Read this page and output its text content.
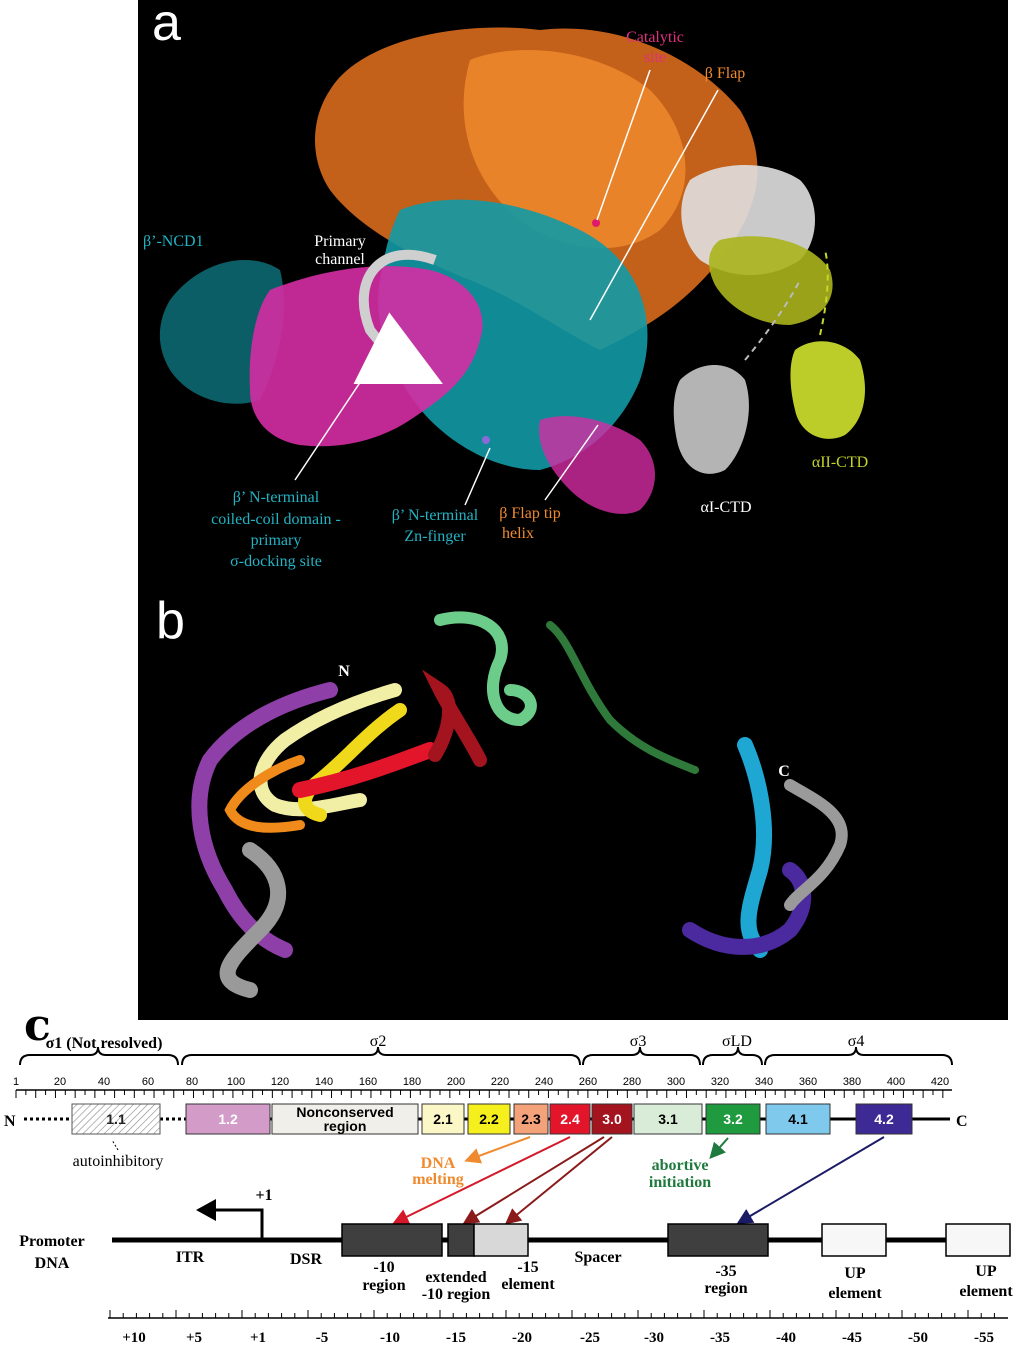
a	Catalytic
site
β Flap
β’-NCD1	Primary
channel
β’ N-terminal
coiled-coil domain -
primary
σ-docking site
β’ N-terminal
Zn-finger
β Flap tip
helix
αI-CTD
αII-CTD
b
N
C
c
σ1 (Not resolved)	σ2	σ3	σLD	σ4
1	20	40	60	80	100 120 140 160 180 200 220 240 260 280 300 320 340 360 380 400 420
N	C
1.1	1.2	Nonconserved
region	2.1 2.2 2.3 2.4 3.0	3.1	3.2	4.1	4.2
autoinhibitory	DNA
melting
abortive
initiation
Promoter
DNA
+1
ITR	DSR	-10
region extended
-10 region
-15
element
Spacer
-35
region
UP
element
UP
element
+10	+5	+1	-5	-10	-15	-20	-25	-30	-35	-40	-45	-50	-55
